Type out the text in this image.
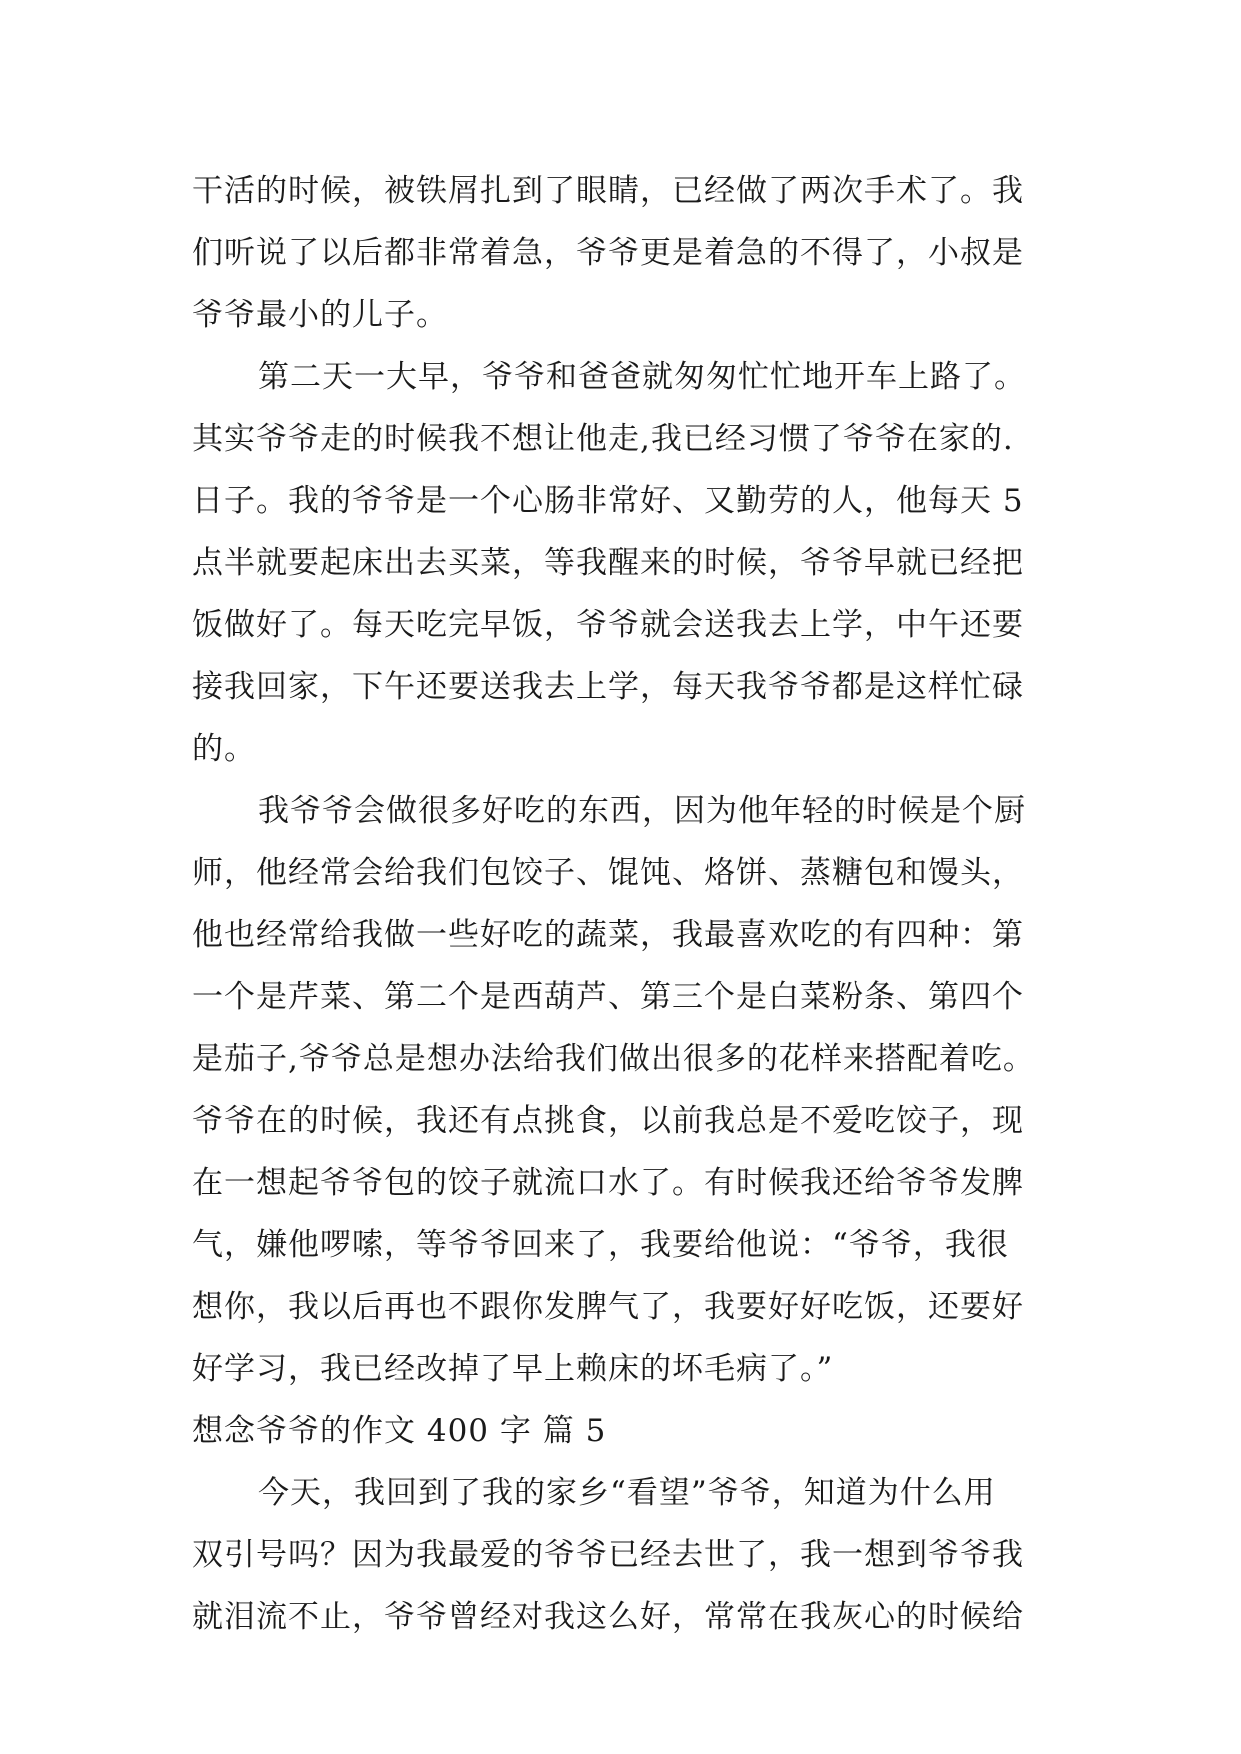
干活的时候，被铁屑扎到了眼睛，已经做了两次手术了。我
们听说了以后都非常着急，爷爷更是着急的不得了，小叔是
爷爷最小的儿子。
第二天一大早，爷爷和爸爸就匆匆忙忙地开车上路了。
其实爷爷走的时候我不想让他走,我已经习惯了爷爷在家的.
日子。我的爷爷是一个心肠非常好、又勤劳的人，他每天 5
点半就要起床出去买菜，等我醒来的时候，爷爷早就已经把
饭做好了。每天吃完早饭，爷爷就会送我去上学，中午还要
接我回家，下午还要送我去上学，每天我爷爷都是这样忙碌
的。
我爷爷会做很多好吃的东西，因为他年轻的时候是个厨
师，他经常会给我们包饺子、馄饨、烙饼、蒸糖包和馒头，
他也经常给我做一些好吃的蔬菜，我最喜欢吃的有四种：第
一个是芹菜、第二个是西葫芦、第三个是白菜粉条、第四个
是茄子,爷爷总是想办法给我们做出很多的花样来搭配着吃。
爷爷在的时候，我还有点挑食，以前我总是不爱吃饺子，现
在一想起爷爷包的饺子就流口水了。有时候我还给爷爷发脾
气，嫌他啰嗦，等爷爷回来了，我要给他说：“爷爷，我很
想你，我以后再也不跟你发脾气了，我要好好吃饭，还要好
好学习，我已经改掉了早上赖床的坏毛病了。”
想念爷爷的作文 400 字 篇 5
今天，我回到了我的家乡“看望”爷爷，知道为什么用
双引号吗？因为我最爱的爷爷已经去世了，我一想到爷爷我
就泪流不止，爷爷曾经对我这么好，常常在我灰心的时候给
